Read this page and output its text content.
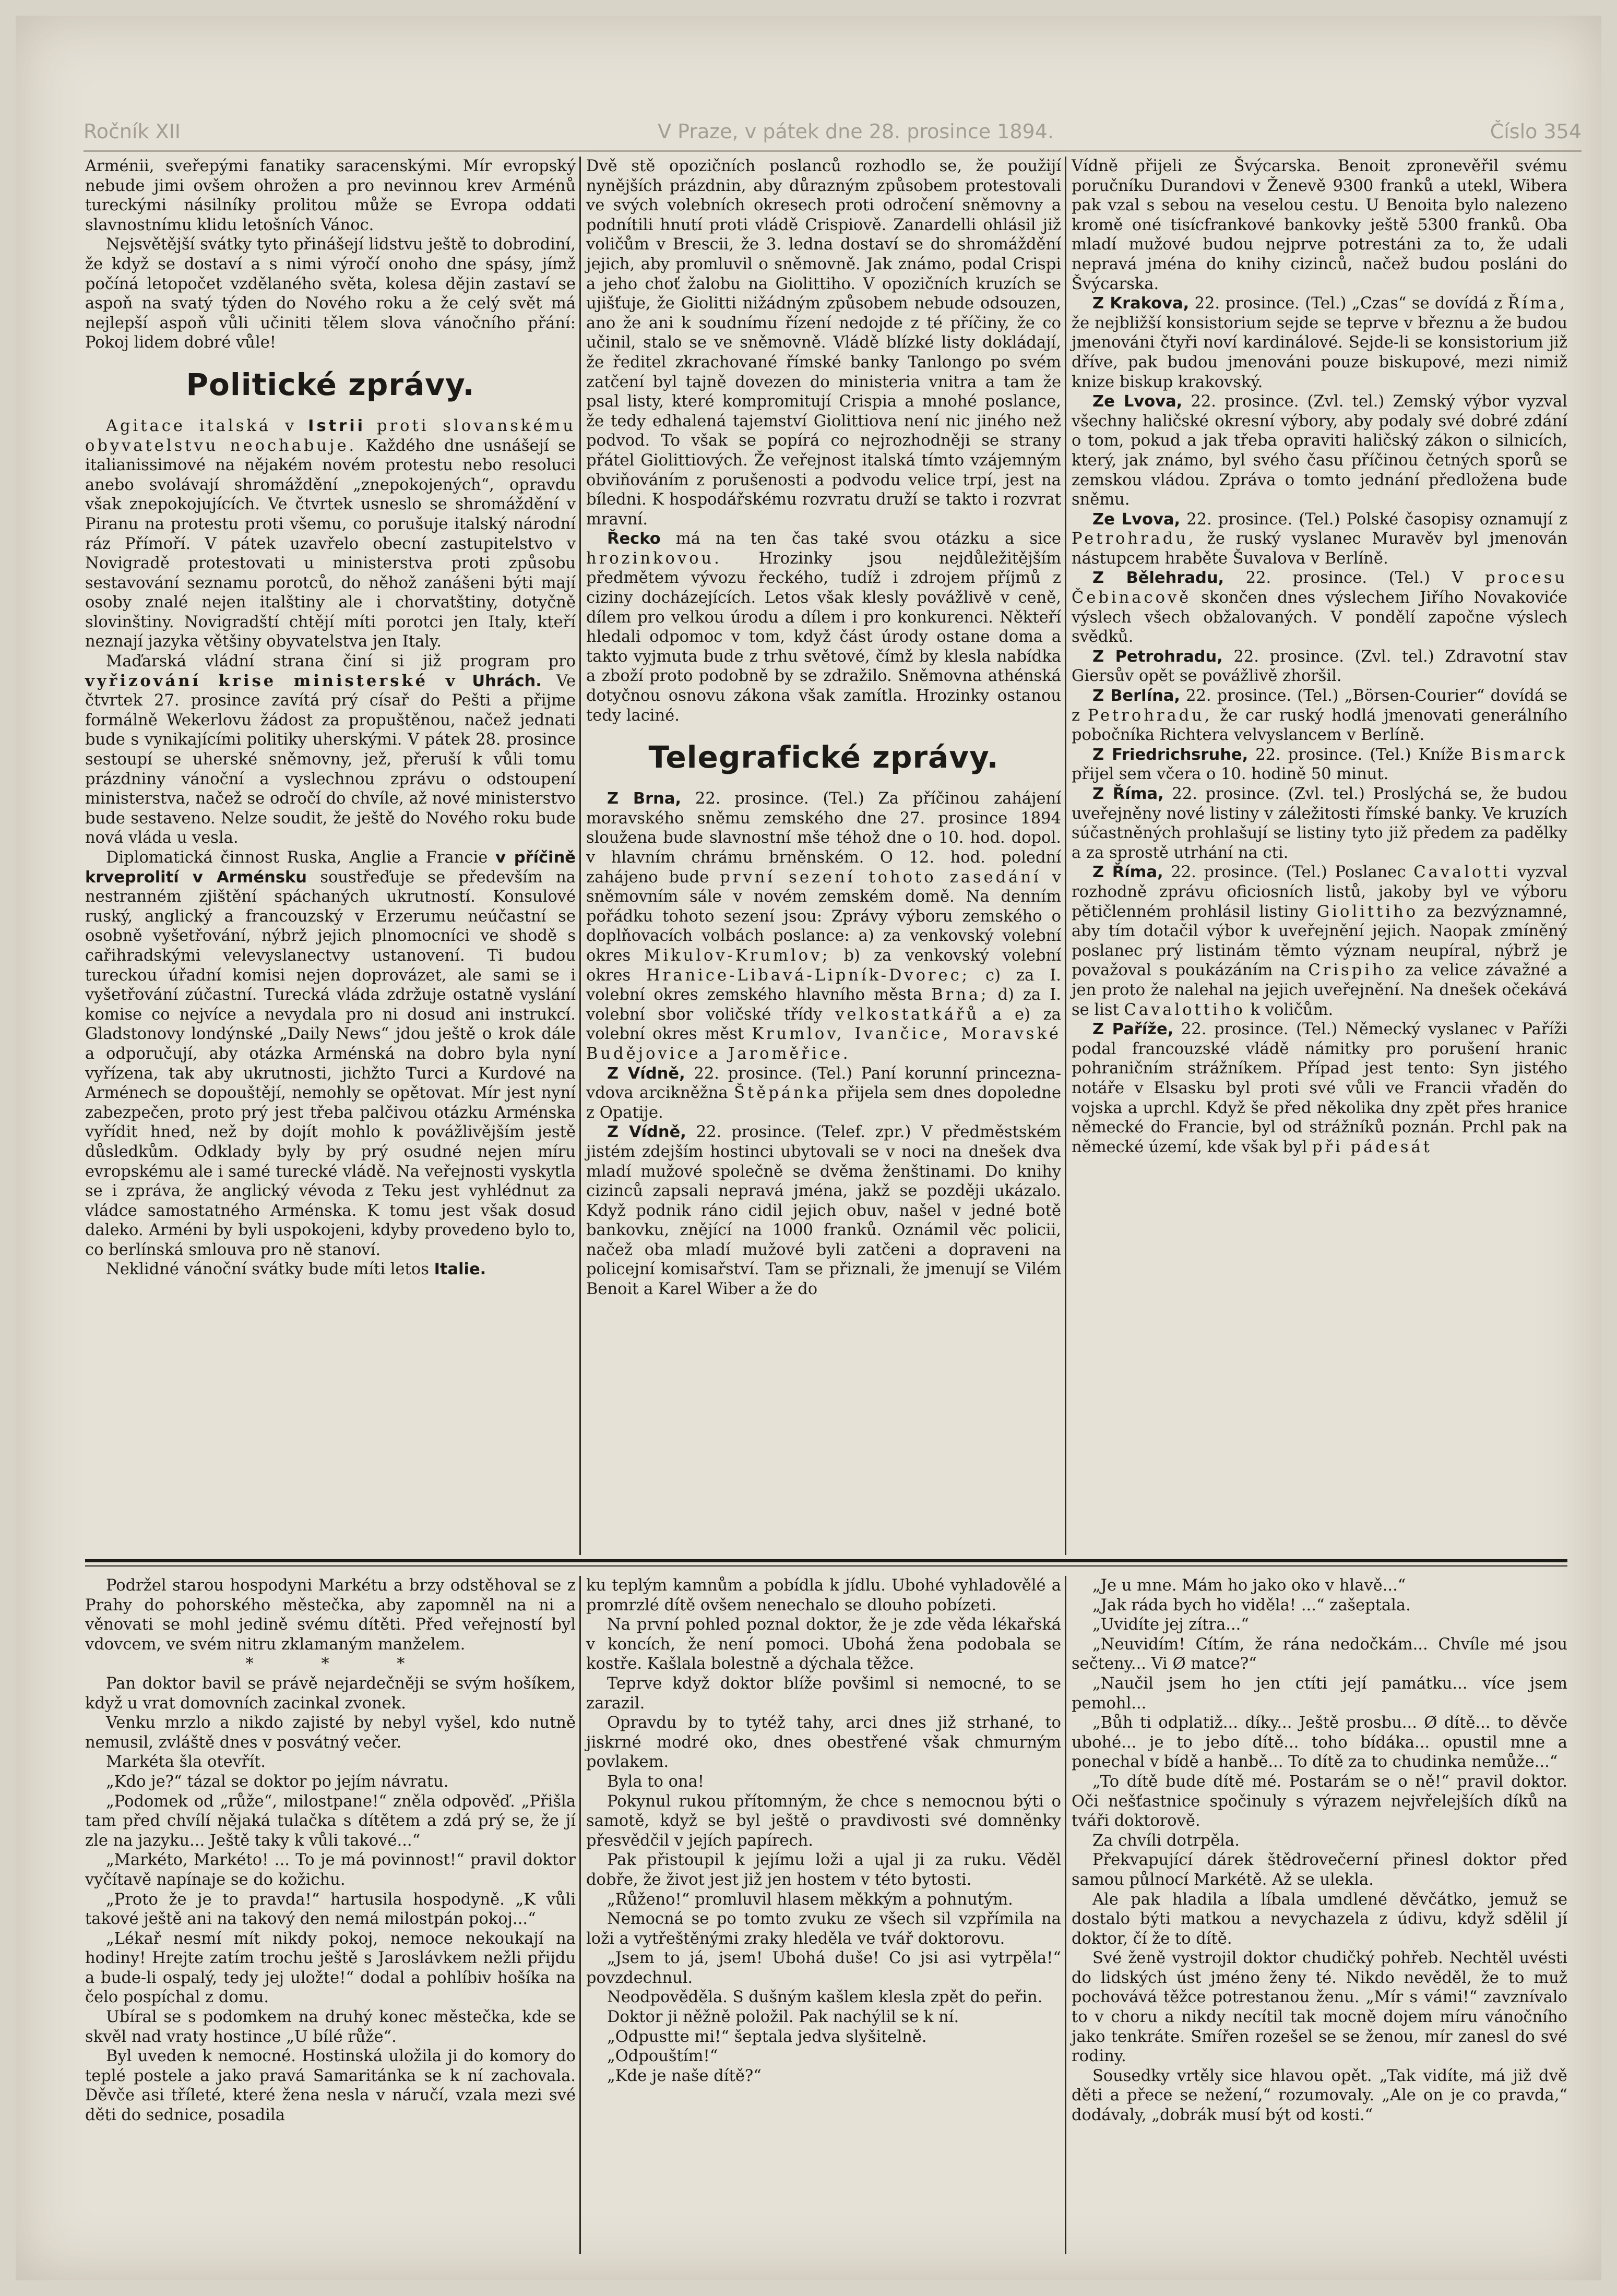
Ročník XII	V Praze, v pátek dne 28. prosince 1894.	Číslo 354

Arménii, sveřepými fanatiky saracenskými. Mír evropský nebude jimi ovšem ohrožen a pro nevinnou krev Arménů tureckými násilníky prolitou může se Evropa oddati slavnostnímu klidu letošních Vánoc.

Nejsvětější svátky tyto přinášejí lidstvu ještě to dobrodiní, že když se dostaví a s nimi výročí onoho dne spásy, jímž počíná letopočet vzdělaného světa, kolesa dějin zastaví se aspoň na svatý týden do Nového roku a že celý svět má nejlepší aspoň vůli učiniti tělem slova vánočního přání: Pokoj lidem dobré vůle!

Politické zprávy.

Agitace italská v Istrii proti slovanskému obyvatelstvu neochabuje. Každého dne usnášejí se italianissimové na nějakém novém protestu nebo resoluci anebo svolávají shromáždění „znepokojených“, opravdu však znepokojujících. Ve čtvrtek usneslo se shromáždění v Piranu na protestu proti všemu, co porušuje italský národní ráz Přímoří. V pátek uzavřelo obecní zastupitelstvo v Novigradě protestovati u ministerstva proti způsobu sestavování seznamu porotců, do něhož zanášeni býti mají osoby znalé nejen italštiny ale i chorvatštiny, dotyčně slovinštiny. Novigradští chtějí míti porotci jen Italy, kteří neznají jazyka většiny obyvatelstva jen Italy.

Maďarská vládní strana činí si již program pro vyřizování krise ministerské v Uhrách. Ve čtvrtek 27. prosince zavítá prý císař do Pešti a přijme formálně Wekerlovu žádost za propuštěnou, načež jednati bude s vynikajícími politiky uherskými. V pátek 28. prosince sestoupí se uherské sněmovny, jež, přeruší k vůli tomu prázdniny vánoční a vyslechnou zprávu o odstoupení ministerstva, načež se odročí do chvíle, až nové ministerstvo bude sestaveno. Nelze soudit, že ještě do Nového roku bude nová vláda u vesla.

Diplomatická činnost Ruska, Anglie a Francie v příčině krveprolití v Arménsku soustřeďuje se především na nestranném zjištění spáchaných ukrutností. Konsulové ruský, anglický a francouzský v Erzerumu neúčastní se osobně vyšetřování, nýbrž jejich plnomocníci ve shodě s cařihradskými velevyslanectvy ustanovení. Ti budou tureckou úřadní komisi nejen doprovázet, ale sami se i vyšetřování zúčastní. Turecká vláda zdržuje ostatně vyslání komise co nejvíce a nevydala pro ni dosud ani instrukcí. Gladstonovy londýnské „Daily News“ jdou ještě o krok dále a odporučují, aby otázka Arménská na dobro byla nyní vyřízena, tak aby ukrutnosti, jichžto Turci a Kurdové na Arménech se dopouštějí, nemohly se opětovat. Mír jest nyní zabezpečen, proto prý jest třeba palčivou otázku Arménska vyřídit hned, než by dojít mohlo k povážlivějším jestě důsledkům. Odklady byly by prý osudné nejen míru evropskému ale i samé turecké vládě. Na veřejnosti vyskytla se i zpráva, že anglický vévoda z Teku jest vyhlédnut za vládce samostatného Arménska. K tomu jest však dosud daleko. Arméni by byli uspokojeni, kdyby provedeno bylo to, co berlínská smlouva pro ně stanoví.

Neklidné vánoční svátky bude míti letos Italie.

Dvě stě opozičních poslanců rozhodlo se, že použijí nynějších prázdnin, aby důrazným způsobem protestovali ve svých volebních okresech proti odročení sněmovny a podnítili hnutí proti vládě Crispiově. Zanardelli ohlásil již voličům v Brescii, že 3. ledna dostaví se do shromáždění jejich, aby promluvil o sněmovně. Jak známo, podal Crispi a jeho choť žalobu na Giolittiho. V opozičních kruzích se ujišťuje, že Giolitti nižádným způsobem nebude odsouzen, ano že ani k soudnímu řízení nedojde z té příčiny, že co učinil, stalo se ve sněmovně. Vládě blízké listy dokládají, že ředitel zkrachované římské banky Tanlongo po svém zatčení byl tajně dovezen do ministeria vnitra a tam že psal listy, které kompromitují Crispia a mnohé poslance, že tedy edhalená tajemství Giolittiova není nic jiného než podvod. To však se popírá co nejrozhodněji se strany přátel Giolittiových. Že veřejnost italská tímto vzájemným obviňováním z porušenosti a podvodu velice trpí, jest na bíledni. K hospodářskému rozvratu druží se takto i rozvrat mravní.

Řecko má na ten čas také svou otázku a sice hrozinkovou. Hrozinky jsou nejdůležitějším předmětem vývozu řeckého, tudíž i zdrojem příjmů z ciziny docházejících. Letos však klesly povážlivě v ceně, dílem pro velkou úrodu a dílem i pro konkurenci. Někteří hledali odpomoc v tom, když část úrody ostane doma a takto vyjmuta bude z trhu světové, čímž by klesla nabídka a zboží proto podobně by se zdražilo. Sněmovna athénská dotyčnou osnovu zákona však zamítla. Hrozinky ostanou tedy laciné.

Telegrafické zprávy.

Z Brna, 22. prosince. (Tel.) Za příčinou zahájení moravského sněmu zemského dne 27. prosince 1894 sloužena bude slavnostní mše téhož dne o 10. hod. dopol. v hlavním chrámu brněnském. O 12. hod. polední zahájeno bude první sezení tohoto zasedání v sněmovním sále v novém zemském domě. Na denním pořádku tohoto sezení jsou: Zprávy výboru zemského o doplňovacích volbách poslance: a) za venkovský volební okres Mikulov-Krumlov; b) za venkovský volební okres Hranice-Libavá-Lipník-Dvorec; c) za I. volební okres zemského hlavního města Brna; d) za I. volební sbor voličské třídy velkostatkářů a e) za volební okres měst Krumlov, Ivančice, Moravské Budějovice a Jaroměřice.

Z Vídně, 22. prosince. (Tel.) Paní korunní princezna-vdova arcikněžna Štěpánka přijela sem dnes dopoledne z Opatije.

Z Vídně, 22. prosince. (Telef. zpr.) V předměstském jistém zdejším hostinci ubytovali se v noci na dnešek dva mladí mužové společně se dvěma ženštinami. Do knihy cizinců zapsali nepravá jména, jakž se později ukázalo. Když podnik ráno cidil jejich obuv, našel v jedné botě bankovku, znějící na 1000 franků. Oznámil věc policii, načež oba mladí mužové byli zatčeni a dopraveni na policejní komisařství. Tam se přiznali, že jmenují se Vilém Benoit a Karel Wiber a že do

Vídně přijeli ze Švýcarska. Benoit zpronevěřil svému poručníku Durandovi v Ženevě 9300 franků a utekl, Wibera pak vzal s sebou na veselou cestu. U Benoita bylo nalezeno kromě oné tisícfrankové bankovky ještě 5300 franků. Oba mladí mužové budou nejprve potrestáni za to, že udali nepravá jména do knihy cizinců, načež budou posláni do Švýcarska.

Z Krakova, 22. prosince. (Tel.) „Czas“ se dovídá z Říma, že nejbližší konsistorium sejde se teprve v březnu a že budou jmenováni čtyři noví kardinálové. Sejde-li se konsistorium již dříve, pak budou jmenováni pouze biskupové, mezi nimiž knize biskup krakovský.

Ze Lvova, 22. prosince. (Zvl. tel.) Zemský výbor vyzval všechny haličské okresní výbory, aby podaly své dobré zdání o tom, pokud a jak třeba opraviti haličský zákon o silnicích, který, jak známo, byl svého času příčinou četných sporů se zemskou vládou. Zpráva o tomto jednání předložena bude sněmu.

Ze Lvova, 22. prosince. (Tel.) Polské časopisy oznamují z Petrohradu, že ruský vyslanec Muravěv byl jmenován nástupcem hraběte Šuvalova v Berlíně.

Z Bělehradu, 22. prosince. (Tel.) V procesu Čebinacově skončen dnes výslechem Jiřího Novakoviće výslech všech obžalovaných. V pondělí započne výslech svědků.

Z Petrohradu, 22. prosince. (Zvl. tel.) Zdravotní stav Giersův opět se povážlivě zhoršil.

Z Berlína, 22. prosince. (Tel.) „Börsen-Courier“ dovídá se z Petrohradu, že car ruský hodlá jmenovati generálního pobočníka Richtera velvyslancem v Berlíně.

Z Friedrichsruhe, 22. prosince. (Tel.) Kníže Bismarck přijel sem včera o 10. hodině 50 minut.

Z Říma, 22. prosince. (Zvl. tel.) Proslýchá se, že budou uveřejněny nové listiny v záležitosti římské banky. Ve kruzích súčastněných prohlašují se listiny tyto již předem za padělky a za sprostě utrhání na cti.

Z Říma, 22. prosince. (Tel.) Poslanec Cavalotti vyzval rozhodně zprávu oficiosních listů, jakoby byl ve výboru pětičlenném prohlásil listiny Giolittiho za bezvýznamné, aby tím dotačil výbor k uveřejnění jejich. Naopak zmíněný poslanec prý listinám těmto význam neupíral, nýbrž je považoval s poukázáním na Crispiho za velice závažné a jen proto že nalehal na jejich uveřejnění. Na dnešek očekává se list Cavalottiho k voličům.

Z Paříže, 22. prosince. (Tel.) Německý vyslanec v Paříži podal francouzské vládě námitky pro porušení hranic pohraničním strážníkem. Případ jest tento: Syn jistého notáře v Elsasku byl proti své vůli ve Francii vřaděn do vojska a uprchl. Když še před několika dny zpět přes hranice německé do Francie, byl od strážníků poznán. Prchl pak na německé území, kde však byl při pádesát

Podržel starou hospodyni Markétu a brzy odstěhoval se z Prahy do pohorského městečka, aby zapomněl na ni a věnovati se mohl jedině svému dítěti. Před veřejností byl vdovcem, ve svém nitru zklamaným manželem.

* * *

Pan doktor bavil se právě nejardečněji se svým hošíkem, když u vrat domovních zacinkal zvonek.

Venku mrzlo a nikdo zajisté by nebyl vyšel, kdo nutně nemusil, zvláště dnes v posvátný večer.

Markéta šla otevřít.

„Kdo je?“ tázal se doktor po jejím návratu.

„Podomek od „růže“, milostpane!“ zněla odpověď. „Přišla tam před chvílí nějaká tulačka s dítětem a zdá prý se, že jí zle na jazyku... Ještě taky k vůli takové...“

„Markéto, Markéto! ... To je má povinnost!“ pravil doktor vyčítavě napínaje se do kožichu.

„Proto že je to pravda!“ hartusila hospodyně. „K vůli takové ještě ani na takový den nemá milostpán pokoj...“

„Lékař nesmí mít nikdy pokoj, nemoce nekoukají na hodiny! Hrejte zatím trochu ještě s Jaroslávkem nežli přijdu a bude-li ospalý, tedy jej uložte!“ dodal a pohlíbiv hošíka na čelo pospíchal z domu.

Ubíral se s podomkem na druhý konec městečka, kde se skvěl nad vraty hostince „U bílé růže“.

Byl uveden k nemocné. Hostinská uložila ji do komory do teplé postele a jako pravá Samaritánka se k ní zachovala. Děvče asi tříleté, které žena nesla v náručí, vzala mezi své děti do sednice, posadila

ku teplým kamnům a pobídla k jídlu. Ubohé vyhladovělé a promrzlé dítě ovšem nenechalo se dlouho pobízeti.

Na první pohled poznal doktor, že je zde věda lékařská v koncích, že není pomoci. Ubohá žena podobala se kostře. Kašlala bolestně a dýchala těžce.

Teprve když doktor blíže povšiml si nemocné, to se zarazil.

Opravdu by to tytéž tahy, arci dnes již strhané, to jiskrné modré oko, dnes obestřené však chmurným povlakem.

Byla to ona!

Pokynul rukou přítomným, že chce s nemocnou býti o samotě, když se byl ještě o pravdivosti své domněnky přesvědčil v jejích papírech.

Pak přistoupil k jejímu loži a ujal ji za ruku. Věděl dobře, že život jest již jen hostem v této bytosti.

„Růženo!“ promluvil hlasem měkkým a pohnutým.

Nemocná se po tomto zvuku ze všech sil vzpřímila na loži a vytřeštěnými zraky hleděla ve tvář doktorovu.

„Jsem to já, jsem! Ubohá duše! Co jsi asi vytrpěla!“ povzdechnul.

Neodpověděla. S dušným kašlem klesla zpět do peřin.

Doktor ji něžně položil. Pak nachýlil se k ní.

„Odpustte mi!“ šeptala jedva slyšitelně.

„Odpouštím!“

„Kde je naše dítě?“

„Je u mne. Mám ho jako oko v hlavě...“

„Jak ráda bych ho viděla! ...“ zašeptala.

„Uvidíte jej zítra...“

„Neuvidím! Cítím, že rána nedočkám... Chvíle mé jsou sečteny... Vi Ø matce?“

„Naučil jsem ho jen ctíti její památku... více jsem pemohl...

„Bůh ti odplatiž... díky... Ještě prosbu... Ø dítě... to děvče ubohé... je to jebo dítě... toho bídáka... opustil mne a ponechal v bídě a hanbě... To dítě za to chudinka nemůže...“

„To dítě bude dítě mé. Postarám se o ně!“ pravil doktor. Oči nešťastnice spočinuly s výrazem nejvřelejších díků na tváři doktorově.

Za chvíli dotrpěla.

Překvapující dárek štědrovečerní přinesl doktor před samou půlnocí Markétě. Až se ulekla.

Ale pak hladila a líbala umdlené děvčátko, jemuž se dostalo býti matkou a nevychazela z údivu, když sdělil jí doktor, čí že to dítě.

Své ženě vystrojil doktor chudičký pohřeb. Nechtěl uvésti do lidských úst jméno ženy té. Nikdo nevěděl, že to muž pochovává těžce potrestanou ženu. „Mír s vámi!“ zavznívalo to v choru a nikdy necítil tak mocně dojem míru vánočního jako tenkráte. Smířen rozešel se se ženou, mír zanesl do své rodiny.

Sousedky vrtěly sice hlavou opět. „Tak vidíte, má již dvě děti a přece se nežení,“ rozumovaly. „Ale on je co pravda,“ dodávaly, „dobrák musí být od kosti.“
